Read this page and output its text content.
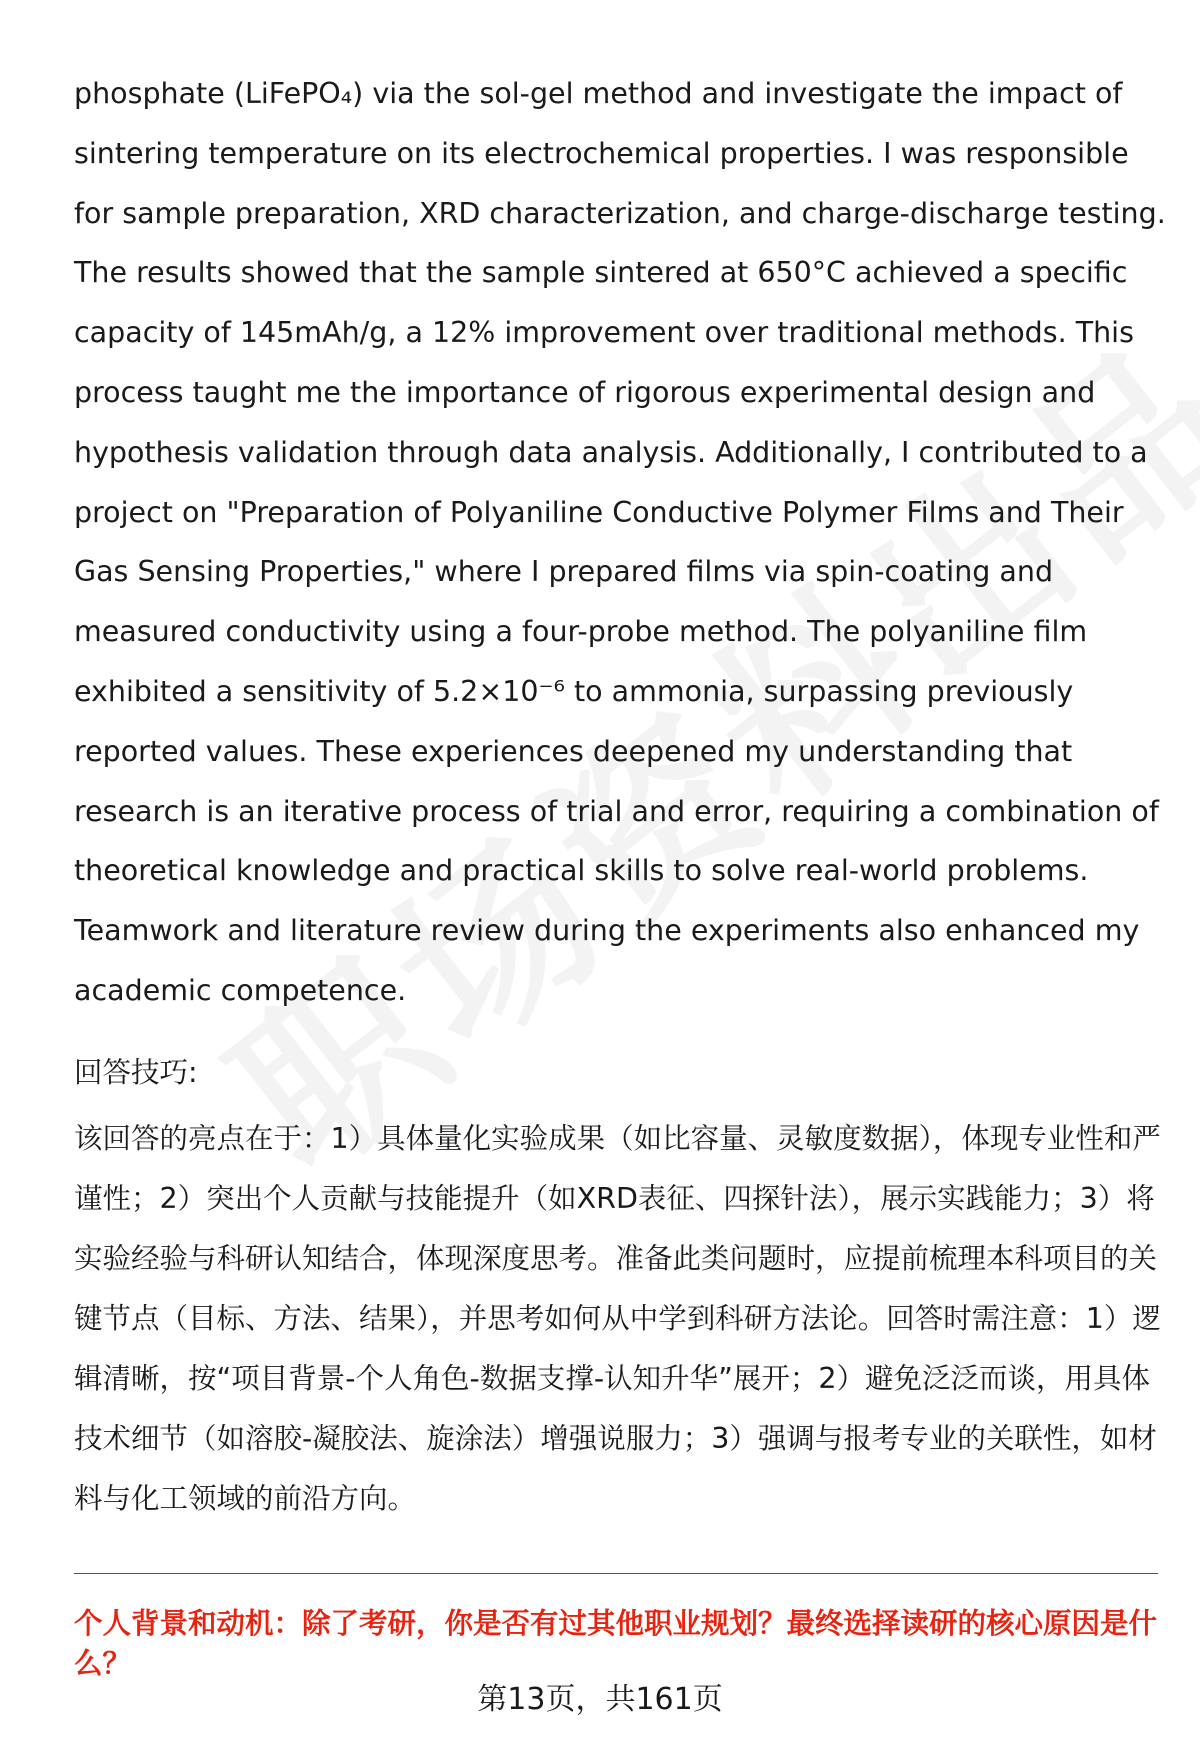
phosphate (LiFePO₄) via the sol-gel method and investigate the impact of sintering temperature on its electrochemical properties. I was responsible for sample preparation, XRD characterization, and charge-discharge testing. The results showed that the sample sintered at 650°C achieved a specific capacity of 145mAh/g, a 12% improvement over traditional methods. This process taught me the importance of rigorous experimental design and hypothesis validation through data analysis. Additionally, I contributed to a project on "Preparation of Polyaniline Conductive Polymer Films and Their Gas Sensing Properties," where I prepared films via spin-coating and measured conductivity using a four-probe method. The polyaniline film exhibited a sensitivity of 5.2×10⁻⁶ to ammonia, surpassing previously reported values. These experiences deepened my understanding that research is an iterative process of trial and error, requiring a combination of theoretical knowledge and practical skills to solve real-world problems. Teamwork and literature review during the experiments also enhanced my academic competence.

回答技巧:

该回答的亮点在于：1）具体量化实验成果（如比容量、灵敏度数据），体现专业性和严谨性；2）突出个人贡献与技能提升（如XRD表征、四探针法），展示实践能力；3）将实验经验与科研认知结合，体现深度思考。准备此类问题时，应提前梳理本科项目的关键节点（目标、方法、结果），并思考如何从中学到科研方法论。回答时需注意：1）逻辑清晰，按“项目背景-个人角色-数据支撑-认知升华”展开；2）避免泛泛而谈，用具体技术细节（如溶胶-凝胶法、旋涂法）增强说服力；3）强调与报考专业的关联性，如材料与化工领域的前沿方向。

个人背景和动机：除了考研，你是否有过其他职业规划？最终选择读研的核心原因是什么？

第13页，共161页
